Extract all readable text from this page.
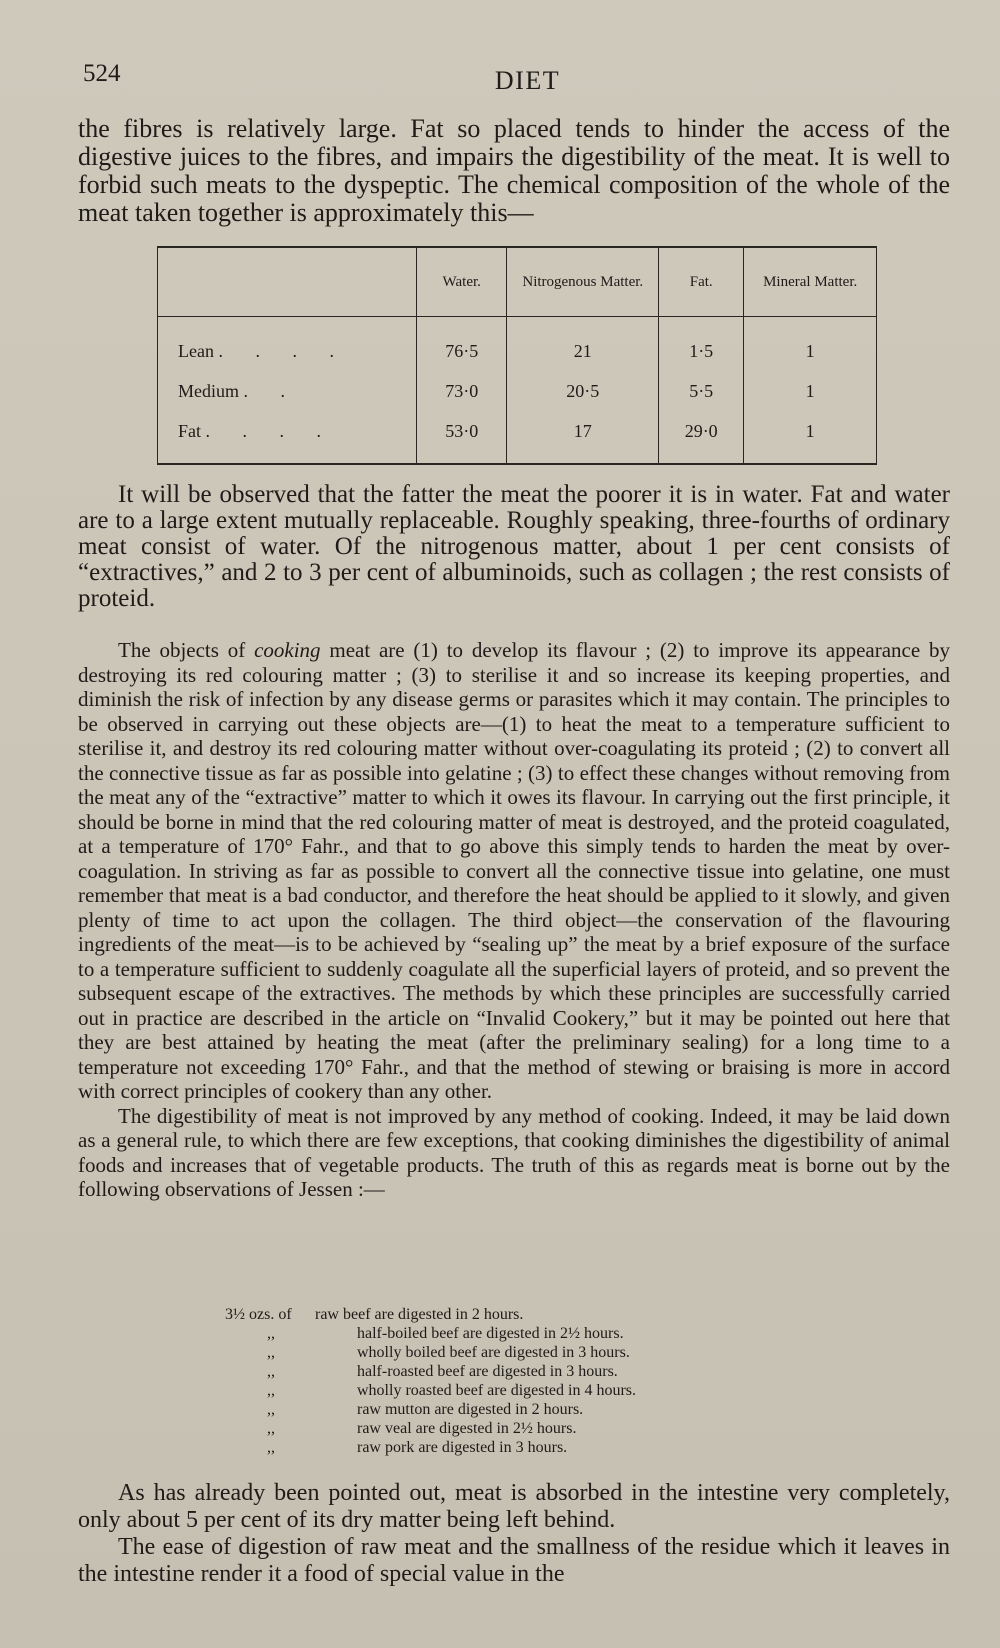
524	DIET
the fibres is relatively large. Fat so placed tends to hinder the access of the digestive juices to the fibres, and impairs the digestibility of the meat. It is well to forbid such meats to the dyspeptic. The chemical composition of the whole of the meat taken together is approximately this—
	Water.	Nitrogenous Matter.	Fat.	Mineral Matter.
Lean . . . .	76·5	21	1·5	1
Medium . .	73·0	20·5	5·5	1
Fat . . . .	53·0	17	29·0	1

It will be observed that the fatter the meat the poorer it is in water. Fat and water are to a large extent mutually replaceable. Roughly speaking, three-fourths of ordinary meat consist of water. Of the nitrogenous matter, about 1 per cent consists of “extractives,” and 2 to 3 per cent of albuminoids, such as collagen ; the rest consists of proteid.

The objects of cooking meat are (1) to develop its flavour ; (2) to improve its appearance by destroying its red colouring matter ; (3) to sterilise it and so increase its keeping properties, and diminish the risk of infection by any disease germs or parasites which it may contain. The principles to be observed in carrying out these objects are—(1) to heat the meat to a temperature sufficient to sterilise it, and destroy its red colouring matter without over-coagulating its proteid ; (2) to convert all the connective tissue as far as possible into gelatine ; (3) to effect these changes without removing from the meat any of the “extractive” matter to which it owes its flavour. In carrying out the first principle, it should be borne in mind that the red colouring matter of meat is destroyed, and the proteid coagulated, at a temperature of 170° Fahr., and that to go above this simply tends to harden the meat by over-coagulation. In striving as far as possible to convert all the connective tissue into gelatine, one must remember that meat is a bad conductor, and therefore the heat should be applied to it slowly, and given plenty of time to act upon the collagen. The third object—the conservation of the flavouring ingredients of the meat—is to be achieved by “sealing up” the meat by a brief exposure of the surface to a temperature sufficient to suddenly coagulate all the superficial layers of proteid, and so prevent the subsequent escape of the extractives. The methods by which these principles are successfully carried out in practice are described in the article on “Invalid Cookery,” but it may be pointed out here that they are best attained by heating the meat (after the preliminary sealing) for a long time to a temperature not exceeding 170° Fahr., and that the method of stewing or braising is more in accord with correct principles of cookery than any other.

The digestibility of meat is not improved by any method of cooking. Indeed, it may be laid down as a general rule, to which there are few exceptions, that cooking diminishes the digestibility of animal foods and increases that of vegetable products. The truth of this as regards meat is borne out by the following observations of Jessen :—

3½ ozs. of	raw beef are digested in 2 hours.
,,	half-boiled beef are digested in 2½ hours.
,,	wholly boiled beef are digested in 3 hours.
,,	half-roasted beef are digested in 3 hours.
,,	wholly roasted beef are digested in 4 hours.
,,	raw mutton are digested in 2 hours.
,,	raw veal are digested in 2½ hours.
,,	raw pork are digested in 3 hours.

As has already been pointed out, meat is absorbed in the intestine very completely, only about 5 per cent of its dry matter being left behind.

The ease of digestion of raw meat and the smallness of the residue which it leaves in the intestine render it a food of special value in the
